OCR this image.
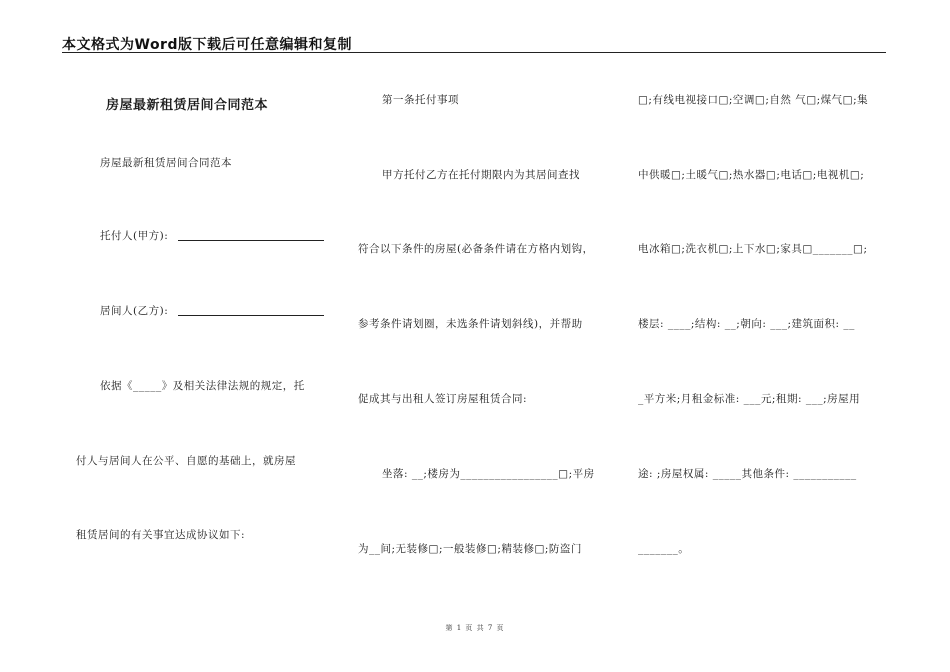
本文格式为Word版下载后可任意编辑和复制
房屋最新租赁居间合同范本
房屋最新租赁居间合同范本
托付人(甲方):
居间人(乙方):
依据《_____》及相关法律法规的规定，托
付人与居间人在公平、自愿的基础上，就房屋
租赁居间的有关事宜达成协议如下:
第一条托付事项
甲方托付乙方在托付期限内为其居间查找
符合以下条件的房屋(必备条件请在方格内划钩，
参考条件请划圈，未选条件请划斜线)，并帮助
促成其与出租人签订房屋租赁合同:
坐落: __;楼房为_________________□;平房
为__间;无装修□;一般装修□;精装修□;防盗门
□;有线电视接口□;空调□;自然 气□;煤气□;集
中供暖□;土暖气□;热水器□;电话□;电视机□;
电冰箱□;洗衣机□;上下水□;家具□_______□;
楼层: ____;结构: __;朝向: ___;建筑面积: __
_平方米;月租金标准: ___元;租期: ___;房屋用
途: ;房屋权属: _____其他条件: ___________
_______。
第 1 页 共 7 页
